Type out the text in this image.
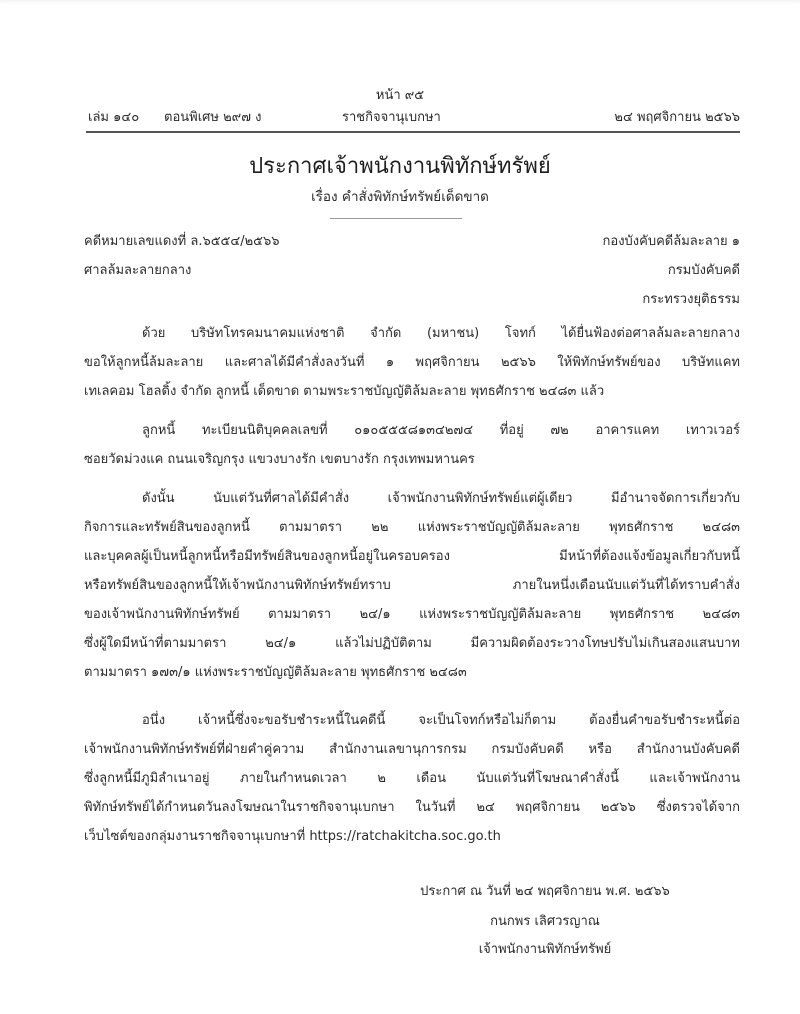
หน้า ๙๕
เล่ม ๑๔๐ ตอนพิเศษ ๒๙๗ ง	ราชกิจจานุเบกษา	๒๔ พฤศจิกายน ๒๕๖๖
ประกาศเจ้าพนักงานพิทักษ์ทรัพย์
เรื่อง คำสั่งพิทักษ์ทรัพย์เด็ดขาด
คดีหมายเลขแดงที่ ล.๖๕๕๔/๒๕๖๖
ศาลล้มละลายกลาง
กองบังคับคดีล้มละลาย ๑
กรมบังคับคดี
กระทรวงยุติธรรม
ด้วย บริษัทโทรคมนาคมแห่งชาติ จำกัด (มหาชน) โจทก์ ได้ยื่นฟ้องต่อศาลล้มละลายกลาง
ขอให้ลูกหนี้ล้มละลาย และศาลได้มีคำสั่งลงวันที่ ๑ พฤศจิกายน ๒๕๖๖ ให้พิทักษ์ทรัพย์ของ บริษัทแคท
เทเลคอม โฮลดิ้ง จำกัด ลูกหนี้ เด็ดขาด ตามพระราชบัญญัติล้มละลาย พุทธศักราช ๒๔๘๓ แล้ว
ลูกหนี้ ทะเบียนนิติบุคคลเลขที่ ๐๑๐๕๕๕๘๑๓๔๒๗๔ ที่อยู่ ๗๒ อาคารแคท เทาวเวอร์
ซอยวัดม่วงแค ถนนเจริญกรุง แขวงบางรัก เขตบางรัก กรุงเทพมหานคร
ดังนั้น นับแต่วันที่ศาลได้มีคำสั่ง เจ้าพนักงานพิทักษ์ทรัพย์แต่ผู้เดียว มีอำนาจจัดการเกี่ยวกับ
กิจการและทรัพย์สินของลูกหนี้ ตามมาตรา ๒๒ แห่งพระราชบัญญัติล้มละลาย พุทธศักราช ๒๔๘๓
และบุคคลผู้เป็นหนี้ลูกหนี้หรือมีทรัพย์สินของลูกหนี้อยู่ในครอบครอง มีหน้าที่ต้องแจ้งข้อมูลเกี่ยวกับหนี้
หรือทรัพย์สินของลูกหนี้ให้เจ้าพนักงานพิทักษ์ทรัพย์ทราบ ภายในหนึ่งเดือนนับแต่วันที่ได้ทราบคำสั่ง
ของเจ้าพนักงานพิทักษ์ทรัพย์ ตามมาตรา ๒๔/๑ แห่งพระราชบัญญัติล้มละลาย พุทธศักราช ๒๔๘๓
ซึ่งผู้ใดมีหน้าที่ตามมาตรา ๒๔/๑ แล้วไม่ปฏิบัติตาม มีความผิดต้องระวางโทษปรับไม่เกินสองแสนบาท
ตามมาตรา ๑๗๓/๑ แห่งพระราชบัญญัติล้มละลาย พุทธศักราช ๒๔๘๓
อนึ่ง เจ้าหนี้ซึ่งจะขอรับชำระหนี้ในคดีนี้ จะเป็นโจทก์หรือไม่ก็ตาม ต้องยื่นคำขอรับชำระหนี้ต่อ
เจ้าพนักงานพิทักษ์ทรัพย์ที่ฝ่ายคำคู่ความ สำนักงานเลขานุการกรม กรมบังคับคดี หรือ สำนักงานบังคับคดี
ซึ่งลูกหนี้มีภูมิลำเนาอยู่ ภายในกำหนดเวลา ๒ เดือน นับแต่วันที่โฆษณาคำสั่งนี้ และเจ้าพนักงาน
พิทักษ์ทรัพย์ได้กำหนดวันลงโฆษณาในราชกิจจานุเบกษา ในวันที่ ๒๔ พฤศจิกายน ๒๕๖๖ ซึ่งตรวจได้จาก
เว็บไซต์ของกลุ่มงานราชกิจจานุเบกษาที่ https://ratchakitcha.soc.go.th
ประกาศ ณ วันที่ ๒๔ พฤศจิกายน พ.ศ. ๒๕๖๖
กนกพร เลิศวรญาณ
เจ้าพนักงานพิทักษ์ทรัพย์
